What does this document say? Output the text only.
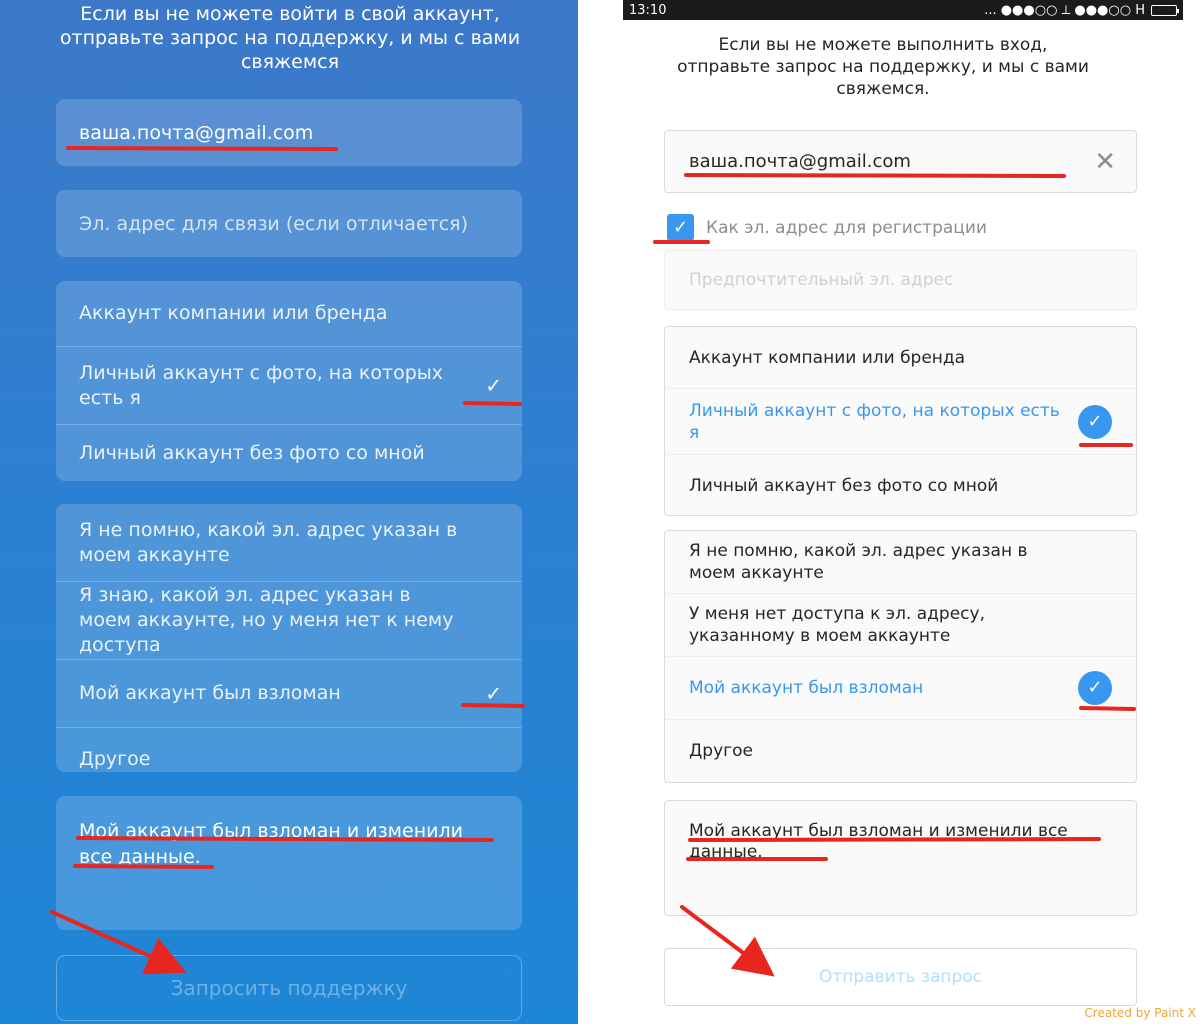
Если вы не можете войти в свой аккаунт, отправьте запрос на поддержку, и мы с вами свяжемся
ваша.почта@gmail.com
Эл. адрес для связи (если отличается)
Аккаунт компании или бренда
Личный аккаунт с фото, на которых есть я
✓
Личный аккаунт без фото со мной
Я не помню, какой эл. адрес указан в моем аккаунте
Я знаю, какой эл. адрес указан в моем аккаунте, но у меня нет к нему доступа
Мой аккаунт был взломан	✓
Другое
Мой аккаунт был взломан и изменили все данные.
Запросить поддержку
13:10	... ●●●○○ ⟂ ●●●○○ Н
Если вы не можете выполнить вход, отправьте запрос на поддержку, и мы с вами свяжемся.
ваша.почта@gmail.com	✕
✓	Как эл. адрес для регистрации
Предпочтительный эл. адрес
Аккаунт компании или бренда
Личный аккаунт с фото, на которых есть я
✓
Личный аккаунт без фото со мной
Я не помню, какой эл. адрес указан в моем аккаунте
У меня нет доступа к эл. адресу, указанному в моем аккаунте
Мой аккаунт был взломан	✓
Другое
Мой аккаунт был взломан и изменили все данные.
Отправить запрос
Created by Paint X
